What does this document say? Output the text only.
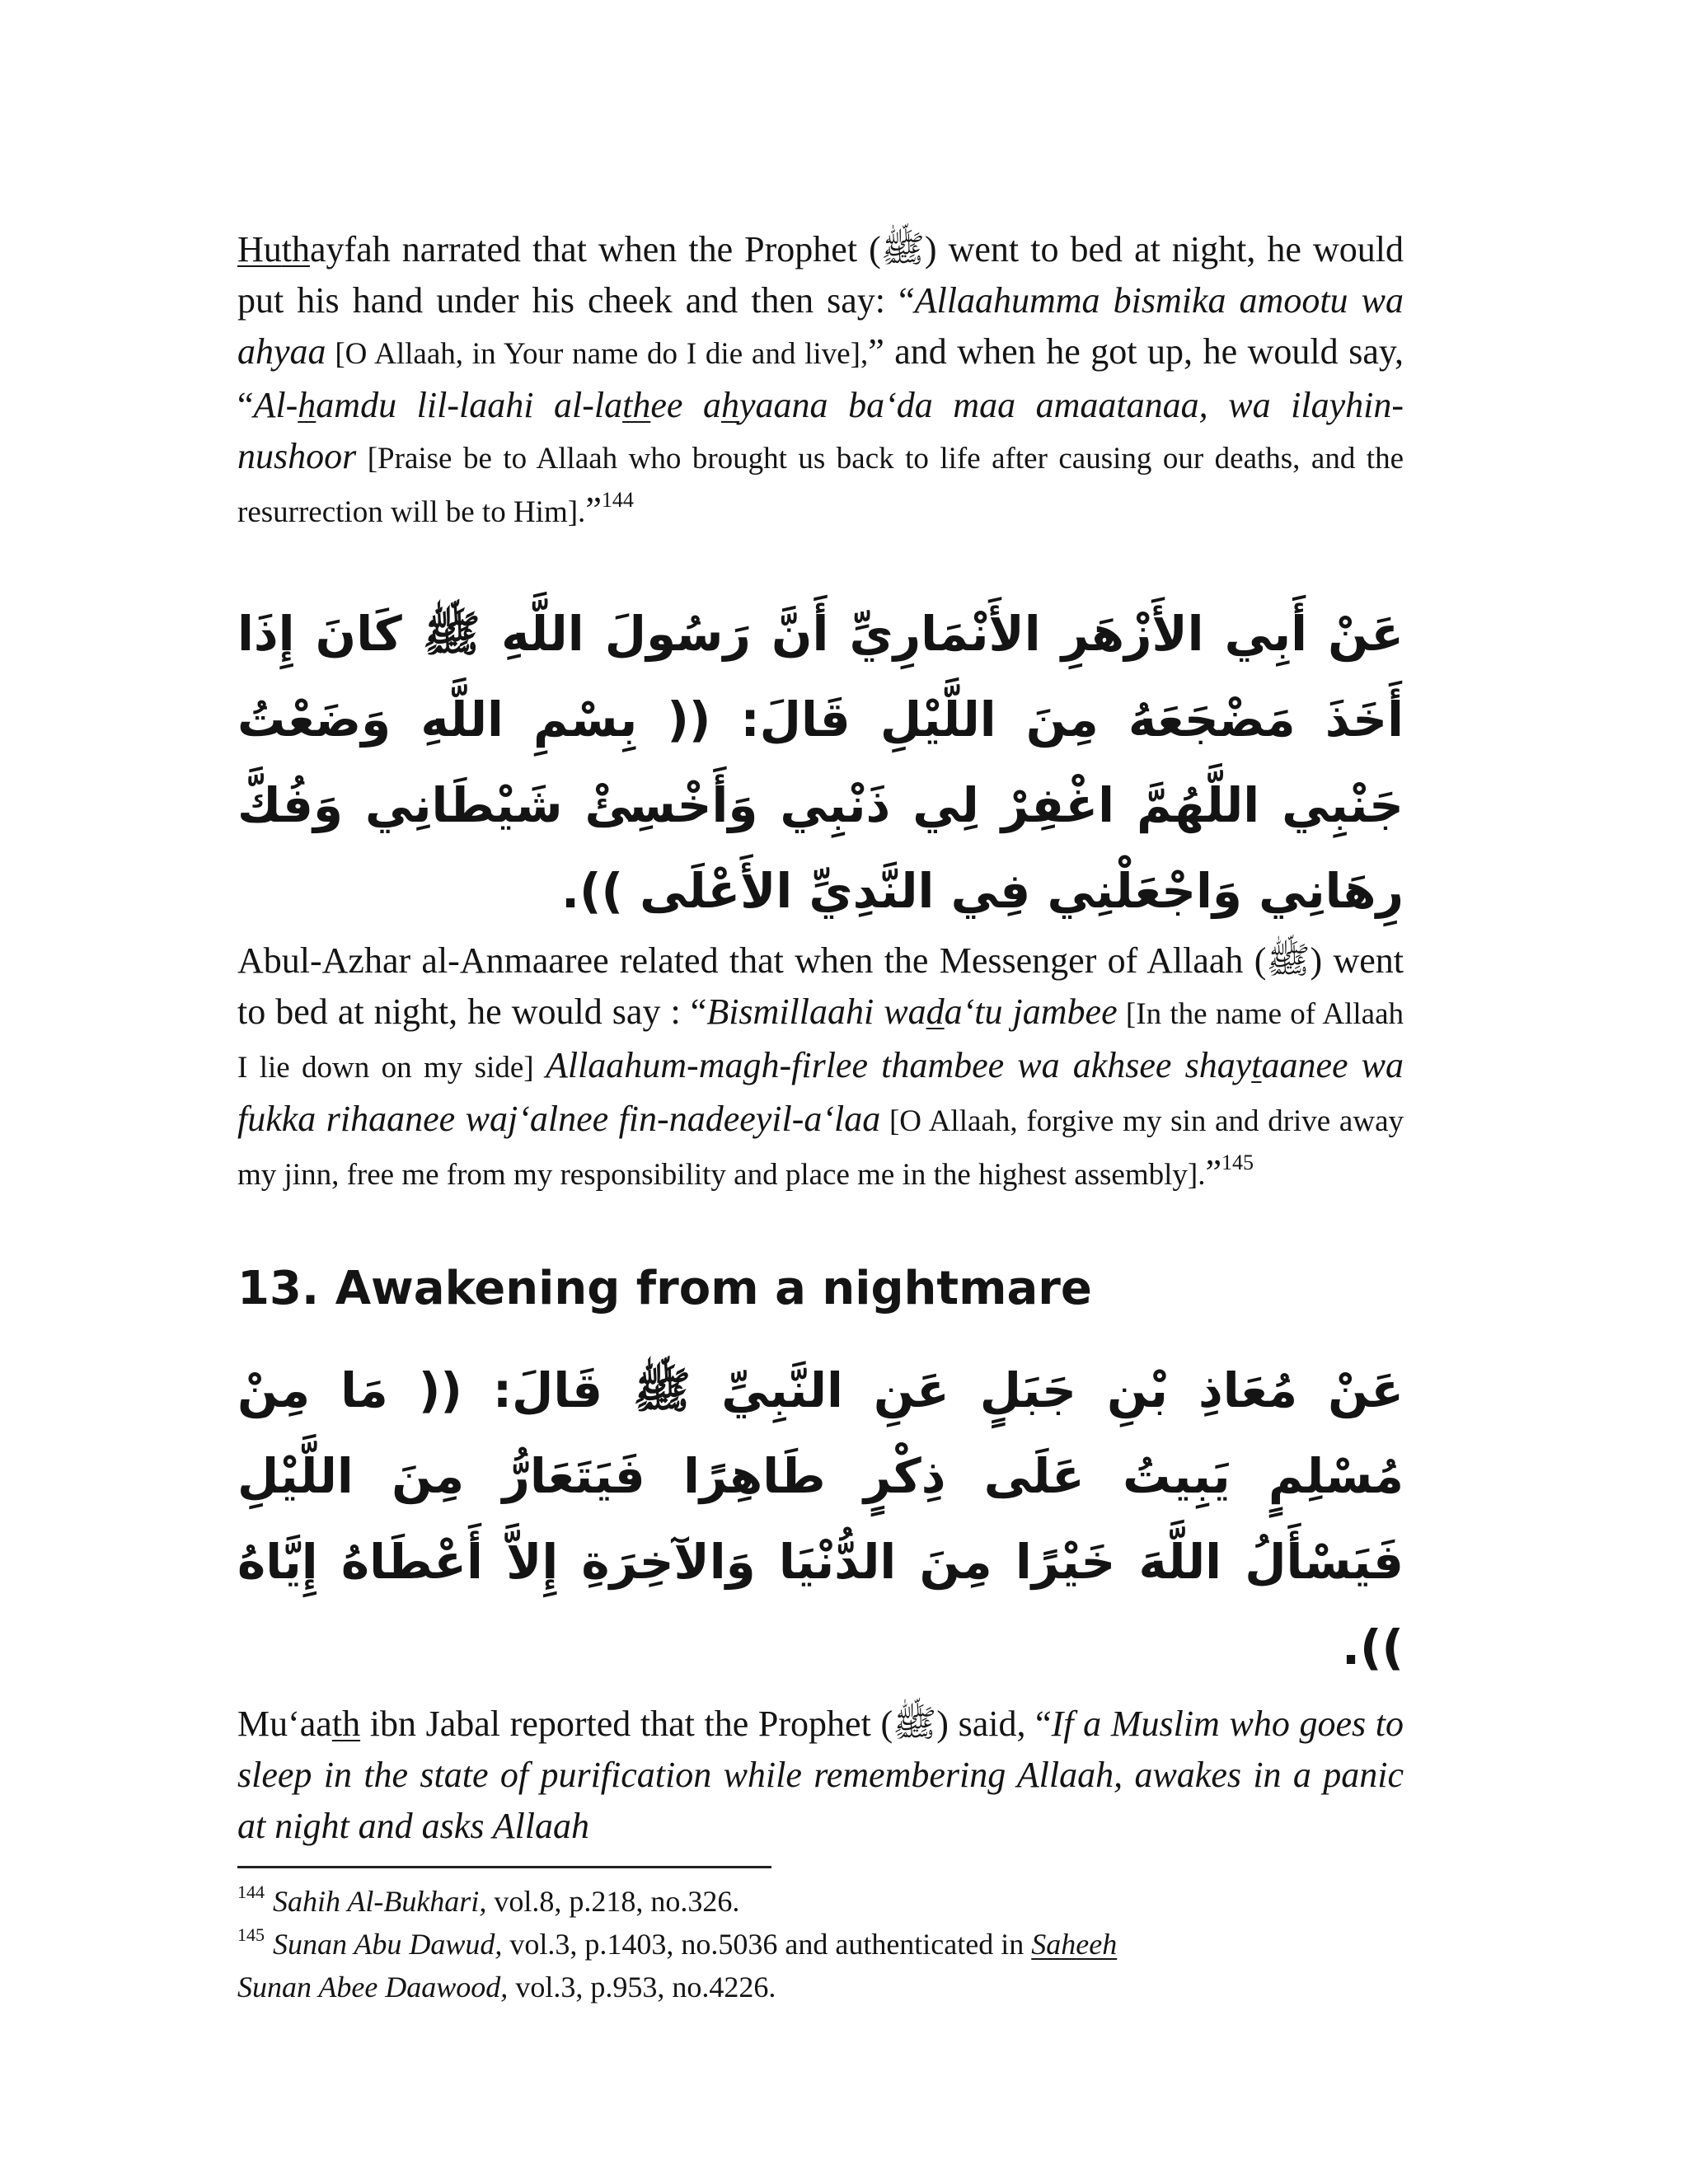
Huthayfah narrated that when the Prophet (ﷺ) went to bed at night, he would put his hand under his cheek and then say: “Allaahumma bismika amootu wa ahyaa [O Allaah, in Your name do I die and live],” and when he got up, he would say, “Al-hamdu lil-laahi al-lathee ahyaana ba‘da maa amaatanaa, wa ilayhin-nushoor [Praise be to Allaah who brought us back to life after causing our deaths, and the resurrection will be to Him].”$^{144}$

عَنْ أَبِي الأَزْهَرِ الأَنْمَارِيِّ أَنَّ رَسُولَ اللَّهِ ﷺ كَانَ إِذَا أَخَذَ مَضْجَعَهُ مِنَ اللَّيْلِ قَالَ: (( بِسْمِ اللَّهِ وَضَعْتُ جَنْبِي اللَّهُمَّ اغْفِرْ لِي ذَنْبِي وَأَخْسِئْ شَيْطَانِي وَفُكَّ رِهَانِي وَاجْعَلْنِي فِي النَّدِيِّ الأَعْلَى )).

Abul-Azhar al-Anmaaree related that when the Messenger of Allaah (ﷺ) went to bed at night, he would say : “Bismillaahi wada‘tu jambee [In the name of Allaah I lie down on my side] Allaahum-magh-firlee thambee wa akhsee shaytaanee wa fukka rihaanee waj‘alnee fin-nadeeyil-a‘laa [O Allaah, forgive my sin and drive away my jinn, free me from my responsibility and place me in the highest assembly].”$^{145}$

13. Awakening from a nightmare

عَنْ مُعَاذِ بْنِ جَبَلٍ عَنِ النَّبِيِّ ﷺ قَالَ: (( مَا مِنْ مُسْلِمٍ يَبِيتُ عَلَى ذِكْرٍ طَاهِرًا فَيَتَعَارُّ مِنَ اللَّيْلِ فَيَسْأَلُ اللَّهَ خَيْرًا مِنَ الدُّنْيَا وَالآخِرَةِ إِلاَّ أَعْطَاهُ إِيَّاهُ )).

Mu‘aath ibn Jabal reported that the Prophet (ﷺ) said, “If a Muslim who goes to sleep in the state of purification while remembering Allaah, awakes in a panic at night and asks Allaah

$^{144}$ Sahih Al-Bukhari, vol.8, p.218, no.326.

$^{145}$ Sunan Abu Dawud, vol.3, p.1403, no.5036 and authenticated in Saheeh
Sunan Abee Daawood, vol.3, p.953, no.4226.
